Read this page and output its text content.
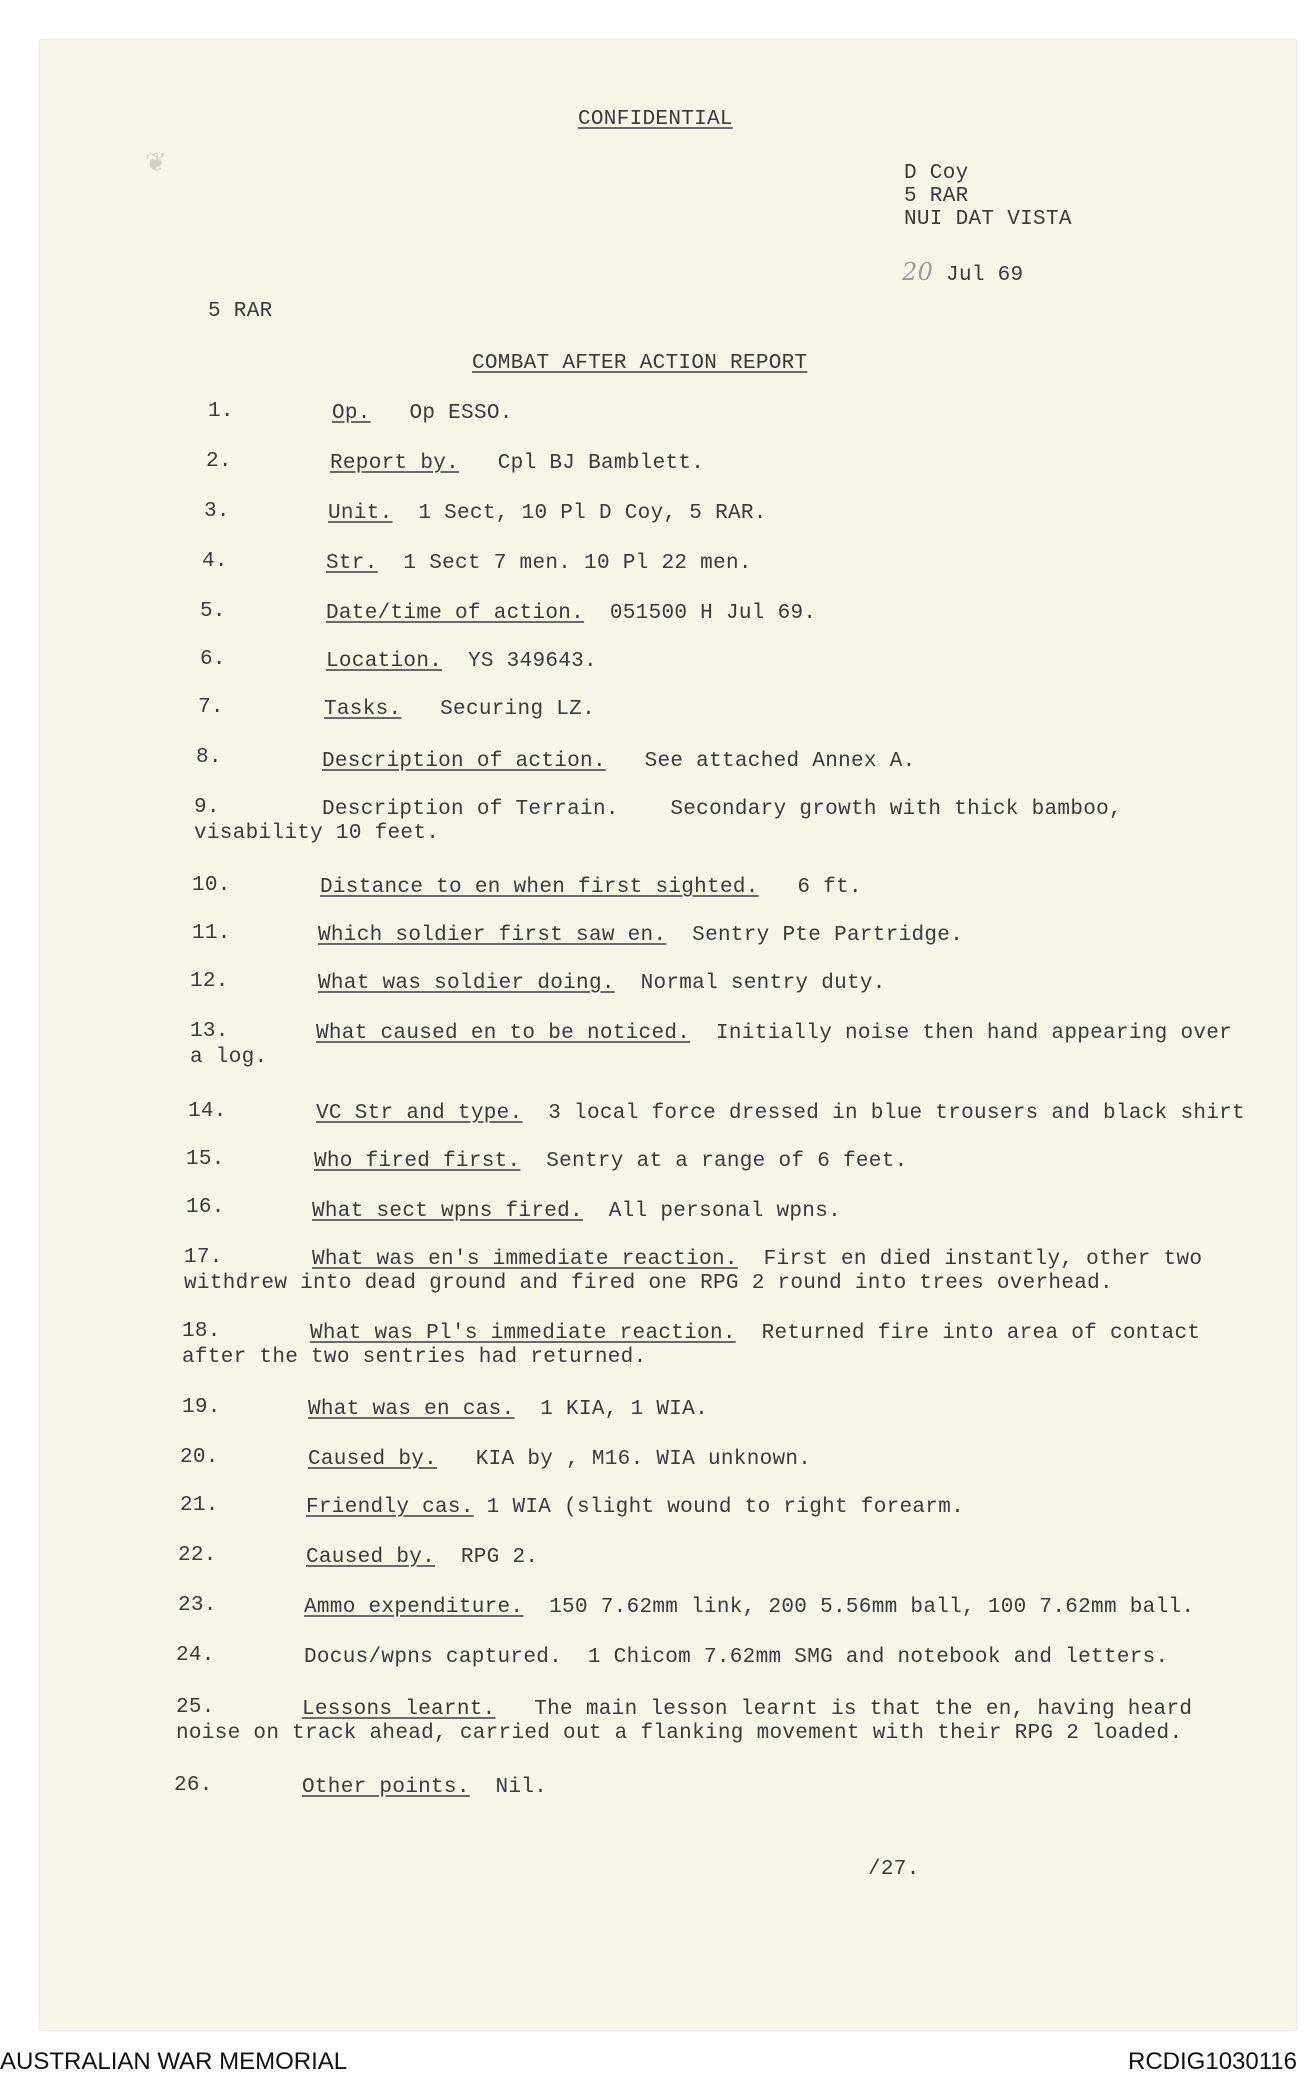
❦
CONFIDENTIAL
D Coy
5 RAR
NUI DAT VISTA
20 Jul 69
5 RAR
COMBAT AFTER ACTION REPORT
1.	Op. Op ESSO.
2.	Report by. Cpl BJ Bamblett.
3.	Unit. 1 Sect, 10 Pl D Coy, 5 RAR.
4.	Str. 1 Sect 7 men. 10 Pl 22 men.
5.	Date/time of action. 051500 H Jul 69.
6.	Location. YS 349643.
7.	Tasks. Securing LZ.
8.	Description of action. See attached Annex A.
9.	Description of Terrain. Secondary growth with thick bamboo,
visability 10 feet.
10.	Distance to en when first sighted. 6 ft.
11.	Which soldier first saw en. Sentry Pte Partridge.
12.	What was soldier doing. Normal sentry duty.
13.	What caused en to be noticed. Initially noise then hand appearing over
a log.
14.	VC Str and type. 3 local force dressed in blue trousers and black shirt
15.	Who fired first. Sentry at a range of 6 feet.
16.	What sect wpns fired. All personal wpns.
17.	What was en's immediate reaction. First en died instantly, other two
withdrew into dead ground and fired one RPG 2 round into trees overhead.
18.	What was Pl's immediate reaction. Returned fire into area of contact
after the two sentries had returned.
19.	What was en cas. 1 KIA, 1 WIA.
20.	Caused by. KIA by , M16. WIA unknown.
21.	Friendly cas. 1 WIA (slight wound to right forearm.
22.	Caused by. RPG 2.
23.	Ammo expenditure. 150 7.62mm link, 200 5.56mm ball, 100 7.62mm ball.
24.	Docus/wpns captured. 1 Chicom 7.62mm SMG and notebook and letters.
25.	Lessons learnt. The main lesson learnt is that the en, having heard
noise on track ahead, carried out a flanking movement with their RPG 2 loaded.
26.	Other points. Nil.
/27.
AUSTRALIAN WAR MEMORIAL	RCDIG1030116
